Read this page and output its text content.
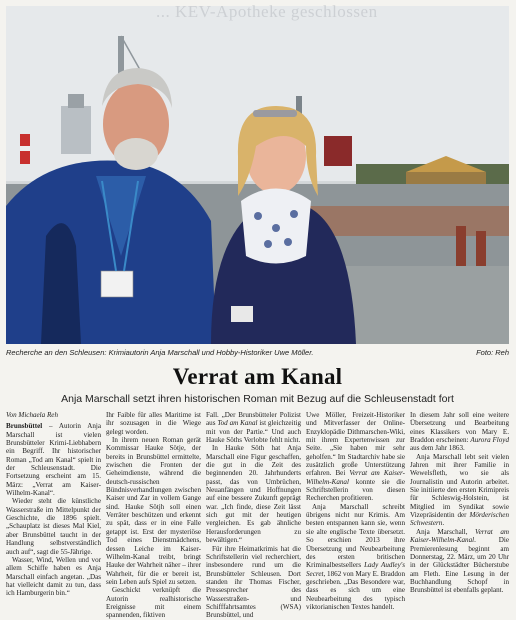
... KEV-Apotheke geschlossen
Recherche an den Schleusen: Krimiautorin Anja Marschall und Hobby-Historiker Uwe Möller.	Foto: Reh
Verrat am Kanal
Anja Marschall setzt ihren historischen Roman mit Bezug auf die Schleusenstadt fort

Von Michaela Reh

Brunsbüttel – Autorin Anja Marschall ist vielen Brunsbütteler Krimi-Liebhabern ein Begriff. Ihr historischer Roman „Tod am Kanal“ spielt in der Schleusenstadt. Die Fortsetzung erscheint am 15. März: „Verrat am Kaiser-Wilhelm-Kanal“.

Wieder steht die künstliche Wasserstraße im Mittelpunkt der Geschichte, die 1896 spielt. „Schauplatz ist dieses Mal Kiel, aber Brunsbüttel taucht in der Handlung selbstverständlich auch auf“, sagt die 55-Jährige.

Wasser, Wind, Wellen und vor allem Schiffe haben es Anja Marschall einfach angetan. „Das hat vielleicht damit zu tun, dass ich Hamburgerin bin.“

Ihr Faible für alles Maritime ist ihr sozusagen in die Wiege gelegt worden.

In ihrem neuen Roman gerät Kommissar Hauke Sötje, der bereits in Brunsbüttel ermittelte, zwischen die Fronten der Geheimdienste, während die deutsch-russischen Bündnisverhandlungen zwischen Kaiser und Zar in vollem Gange sind. Hauke Sötjh soll einen Verräter beschützen und erkennt zu spät, dass er in eine Falle getappt ist. Erst der mysteriöse Tod eines Dienstmädchens, dessen Leiche im Kaiser-Wilhelm-Kanal treibt, bringt Hauke der Wahrheit näher – ihrer Wahrheit, für die er bereit ist, sein Leben aufs Spiel zu setzen.

Geschickt verknüpft die Autorin realhistorische Ereignisse mit einem spannenden, fiktiven

Fall. „Der Brunsbütteler Polizist aus Tod am Kanal ist gleichzeitig mit von der Partie.“ Und auch Hauke Söths Verlobte fehlt nicht.

In Hauke Söth hat Anja Marschall eine Figur geschaffen, die gut in die Zeit des beginnenden 20. Jahrhunderts passt, das von Umbrüchen, Neuanfängen und Hoffnungen auf eine bessere Zukunft geprägt war. „Ich finde, diese Zeit lässt sich gut mit der heutigen vergleichen. Es gab ähnliche Herausforderungen zu bewältigen.“

Für ihre Heimatkrimis hat die Schriftstellerin viel recherchiert, insbesondere rund um die Brunsbütteler Schleusen. Dort standen ihr Thomas Fischer, Pressesprecher des Wasserstraßen- und Schifffahrtsamtes (WSA) Brunsbüttel, und

Uwe Möller, Freizeit-Historiker und Mitverfasser der Online-Enzyklopädie Dithmarschen-Wiki, mit ihrem Expertenwissen zur Seite. „Sie haben mir sehr geholfen.“ Im Stadtarchiv habe sie zusätzlich große Unterstützung erfahren. Bei Verrat am Kaiser-Wilhelm-Kanal konnte sie die Schriftstellerin von diesen Recherchen profitieren.

Anja Marschall schreibt übrigens nicht nur Krimis. Am besten entspannen kann sie, wenn sie alte englische Texte übersetzt. So erschien 2013 ihre Übersetzung und Neubearbeitung des ersten britischen Kriminalbestsellers Lady Audley's Secret, 1862 von Mary E. Braddon geschrieben. „Das Besondere war, dass es sich um eine Neubearbeitung des typisch viktorianischen Textes handelt.

In diesem Jahr soll eine weitere Übersetzung und Bearbeitung eines Klassikers von Mary E. Braddon erscheinen: Aurora Floyd aus dem Jahr 1863.

Anja Marschall lebt seit vielen Jahren mit ihrer Familie in Wewelsfleth, wo sie als Journalistin und Autorin arbeitet. Sie initiierte den ersten Krimipreis für Schleswig-Holstein, ist Mitglied im Syndikat sowie Vizepräsidentin der Mörderischen Schwestern.

Anja Marschall, Verrat am Kaiser-Wilhelm-Kanal. Die Premierenlesung beginnt am Donnerstag, 22. März, um 20 Uhr in der Glückstädter Bücherstube am Fleth. Eine Lesung in der Buchhandlung Schopf in Brunsbüttel ist ebenfalls geplant.
